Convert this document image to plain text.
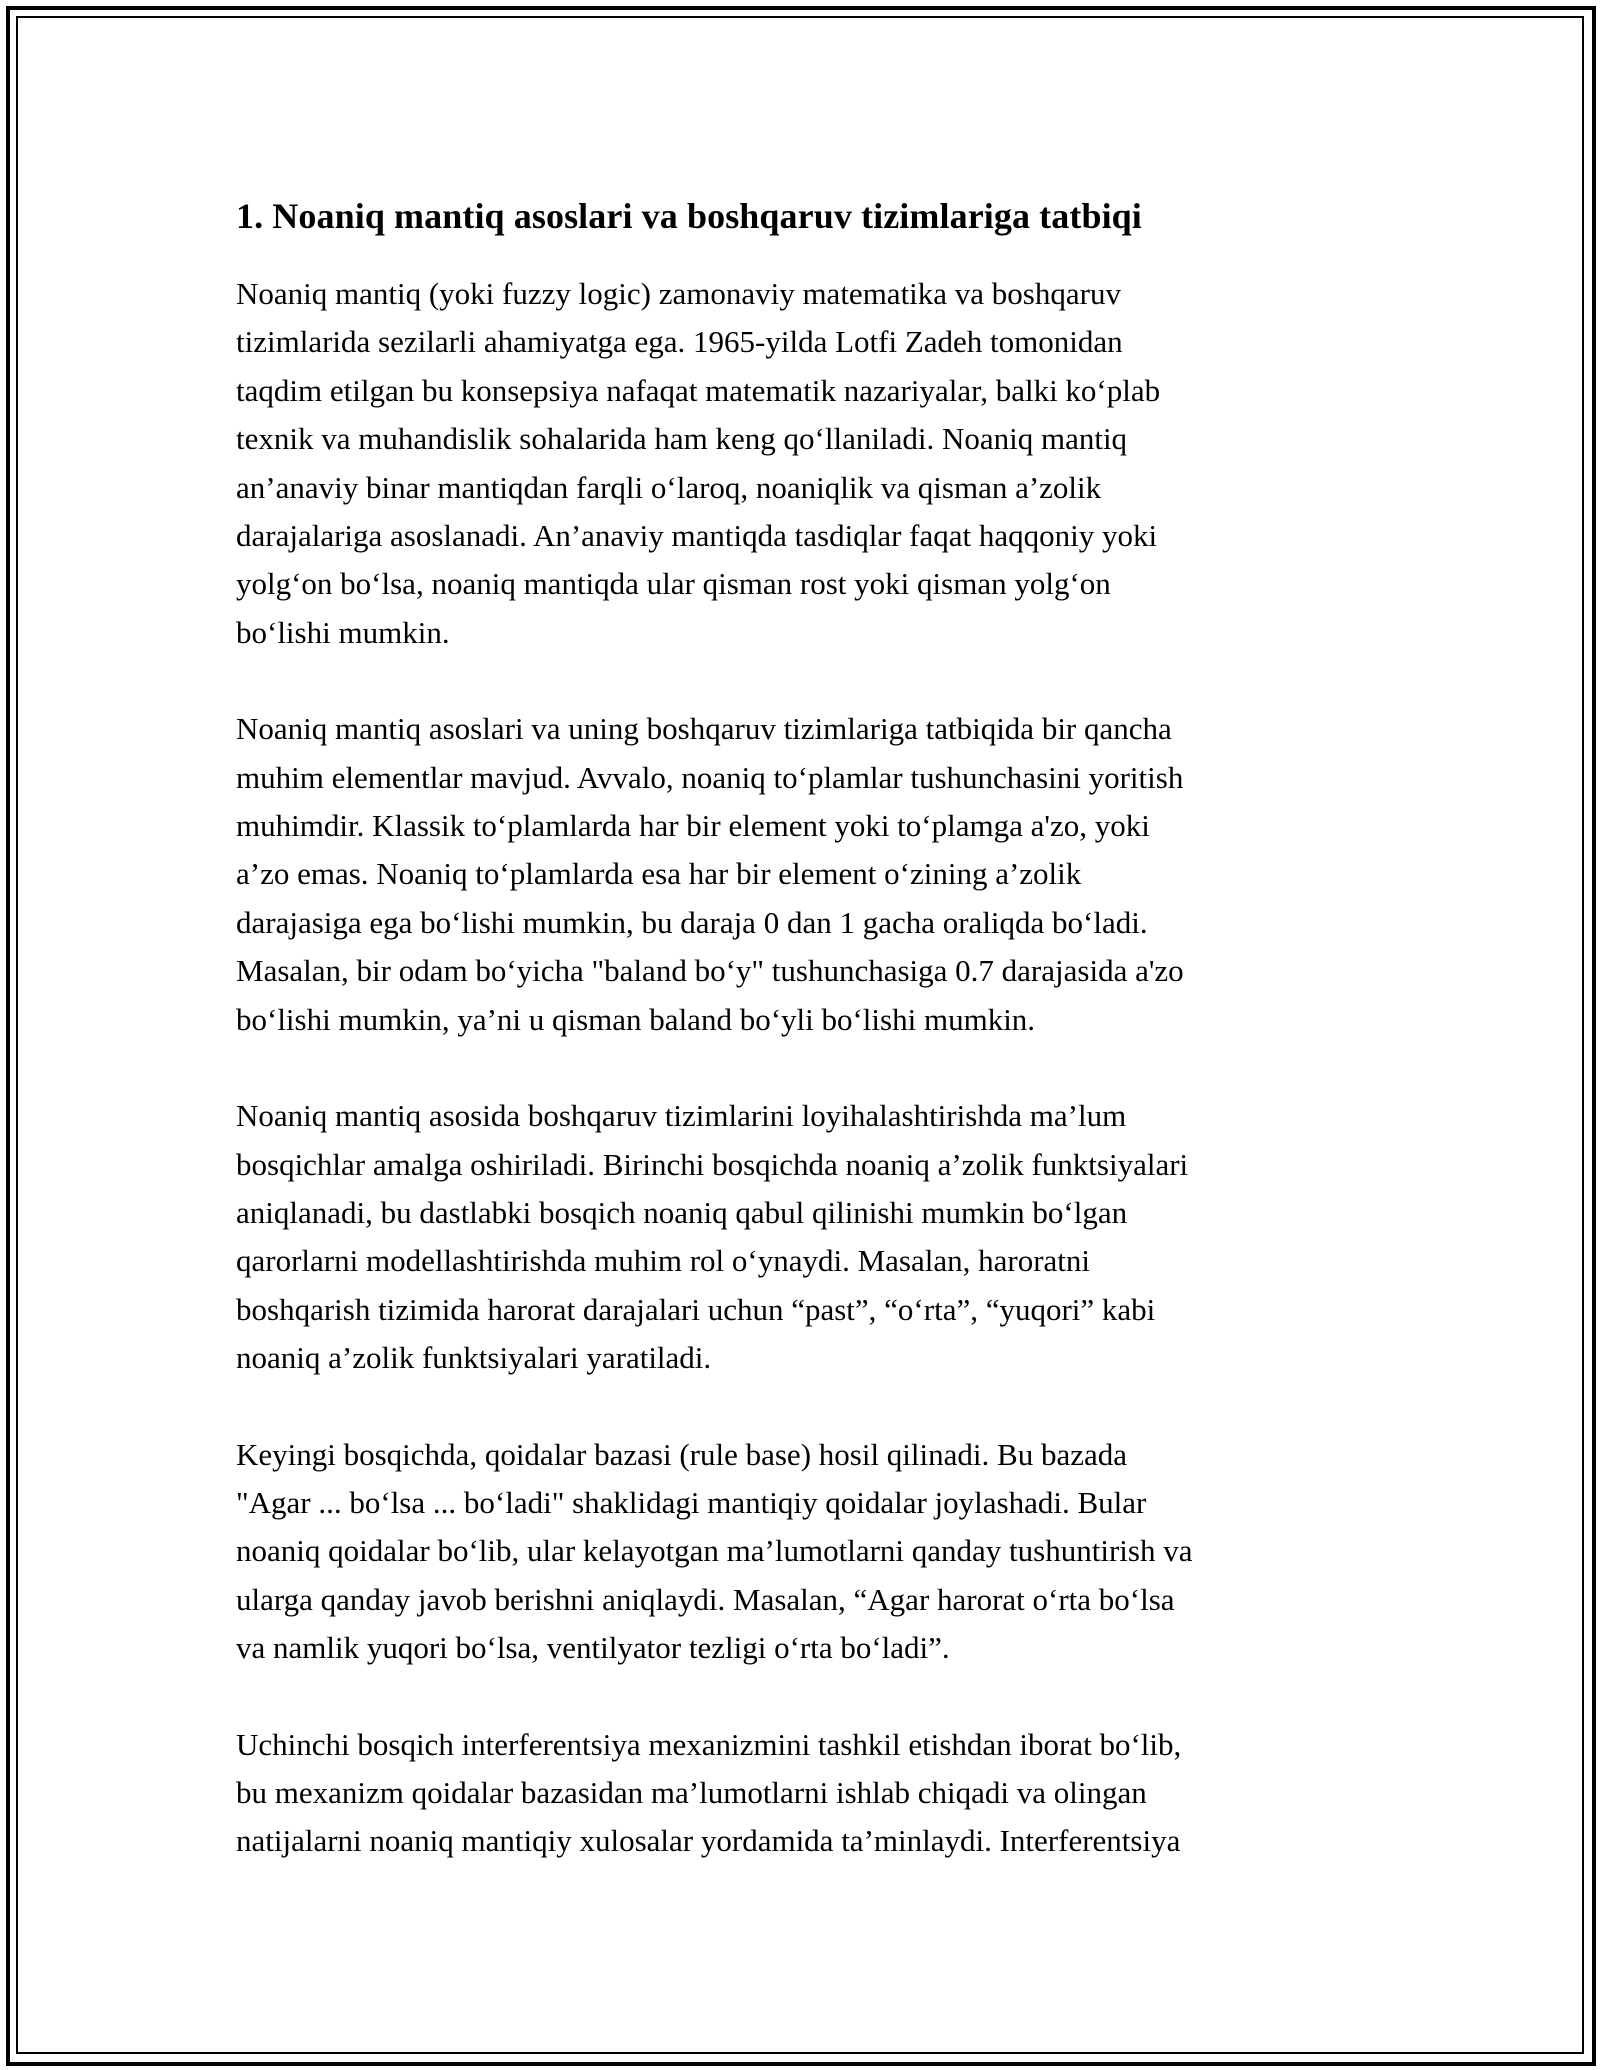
1. Noaniq mantiq asoslari va boshqaruv tizimlariga tatbiqi

Noaniq mantiq (yoki fuzzy logic) zamonaviy matematika va boshqaruv
tizimlarida sezilarli ahamiyatga ega. 1965-yilda Lotfi Zadeh tomonidan
taqdim etilgan bu konsepsiya nafaqat matematik nazariyalar, balki koʻplab
texnik va muhandislik sohalarida ham keng qoʻllaniladi. Noaniq mantiq
an’anaviy binar mantiqdan farqli oʻlaroq, noaniqlik va qisman a’zolik
darajalariga asoslanadi. An’anaviy mantiqda tasdiqlar faqat haqqoniy yoki
yolgʻon boʻlsa, noaniq mantiqda ular qisman rost yoki qisman yolgʻon
boʻlishi mumkin.

Noaniq mantiq asoslari va uning boshqaruv tizimlariga tatbiqida bir qancha
muhim elementlar mavjud. Avvalo, noaniq toʻplamlar tushunchasini yoritish
muhimdir. Klassik toʻplamlarda har bir element yoki toʻplamga a'zo, yoki
a’zo emas. Noaniq toʻplamlarda esa har bir element oʻzining a’zolik
darajasiga ega boʻlishi mumkin, bu daraja 0 dan 1 gacha oraliqda boʻladi.
Masalan, bir odam boʻyicha "baland boʻy" tushunchasiga 0.7 darajasida a'zo
boʻlishi mumkin, ya’ni u qisman baland boʻyli boʻlishi mumkin.

Noaniq mantiq asosida boshqaruv tizimlarini loyihalashtirishda ma’lum
bosqichlar amalga oshiriladi. Birinchi bosqichda noaniq a’zolik funktsiyalari
aniqlanadi, bu dastlabki bosqich noaniq qabul qilinishi mumkin boʻlgan
qarorlarni modellashtirishda muhim rol oʻynaydi. Masalan, haroratni
boshqarish tizimida harorat darajalari uchun “past”, “oʻrta”, “yuqori” kabi
noaniq a’zolik funktsiyalari yaratiladi.

Keyingi bosqichda, qoidalar bazasi (rule base) hosil qilinadi. Bu bazada
"Agar ... boʻlsa ... boʻladi" shaklidagi mantiqiy qoidalar joylashadi. Bular
noaniq qoidalar boʻlib, ular kelayotgan ma’lumotlarni qanday tushuntirish va
ularga qanday javob berishni aniqlaydi. Masalan, “Agar harorat oʻrta boʻlsa
va namlik yuqori boʻlsa, ventilyator tezligi oʻrta boʻladi”.

Uchinchi bosqich interferentsiya mexanizmini tashkil etishdan iborat boʻlib,
bu mexanizm qoidalar bazasidan ma’lumotlarni ishlab chiqadi va olingan
natijalarni noaniq mantiqiy xulosalar yordamida ta’minlaydi. Interferentsiya
